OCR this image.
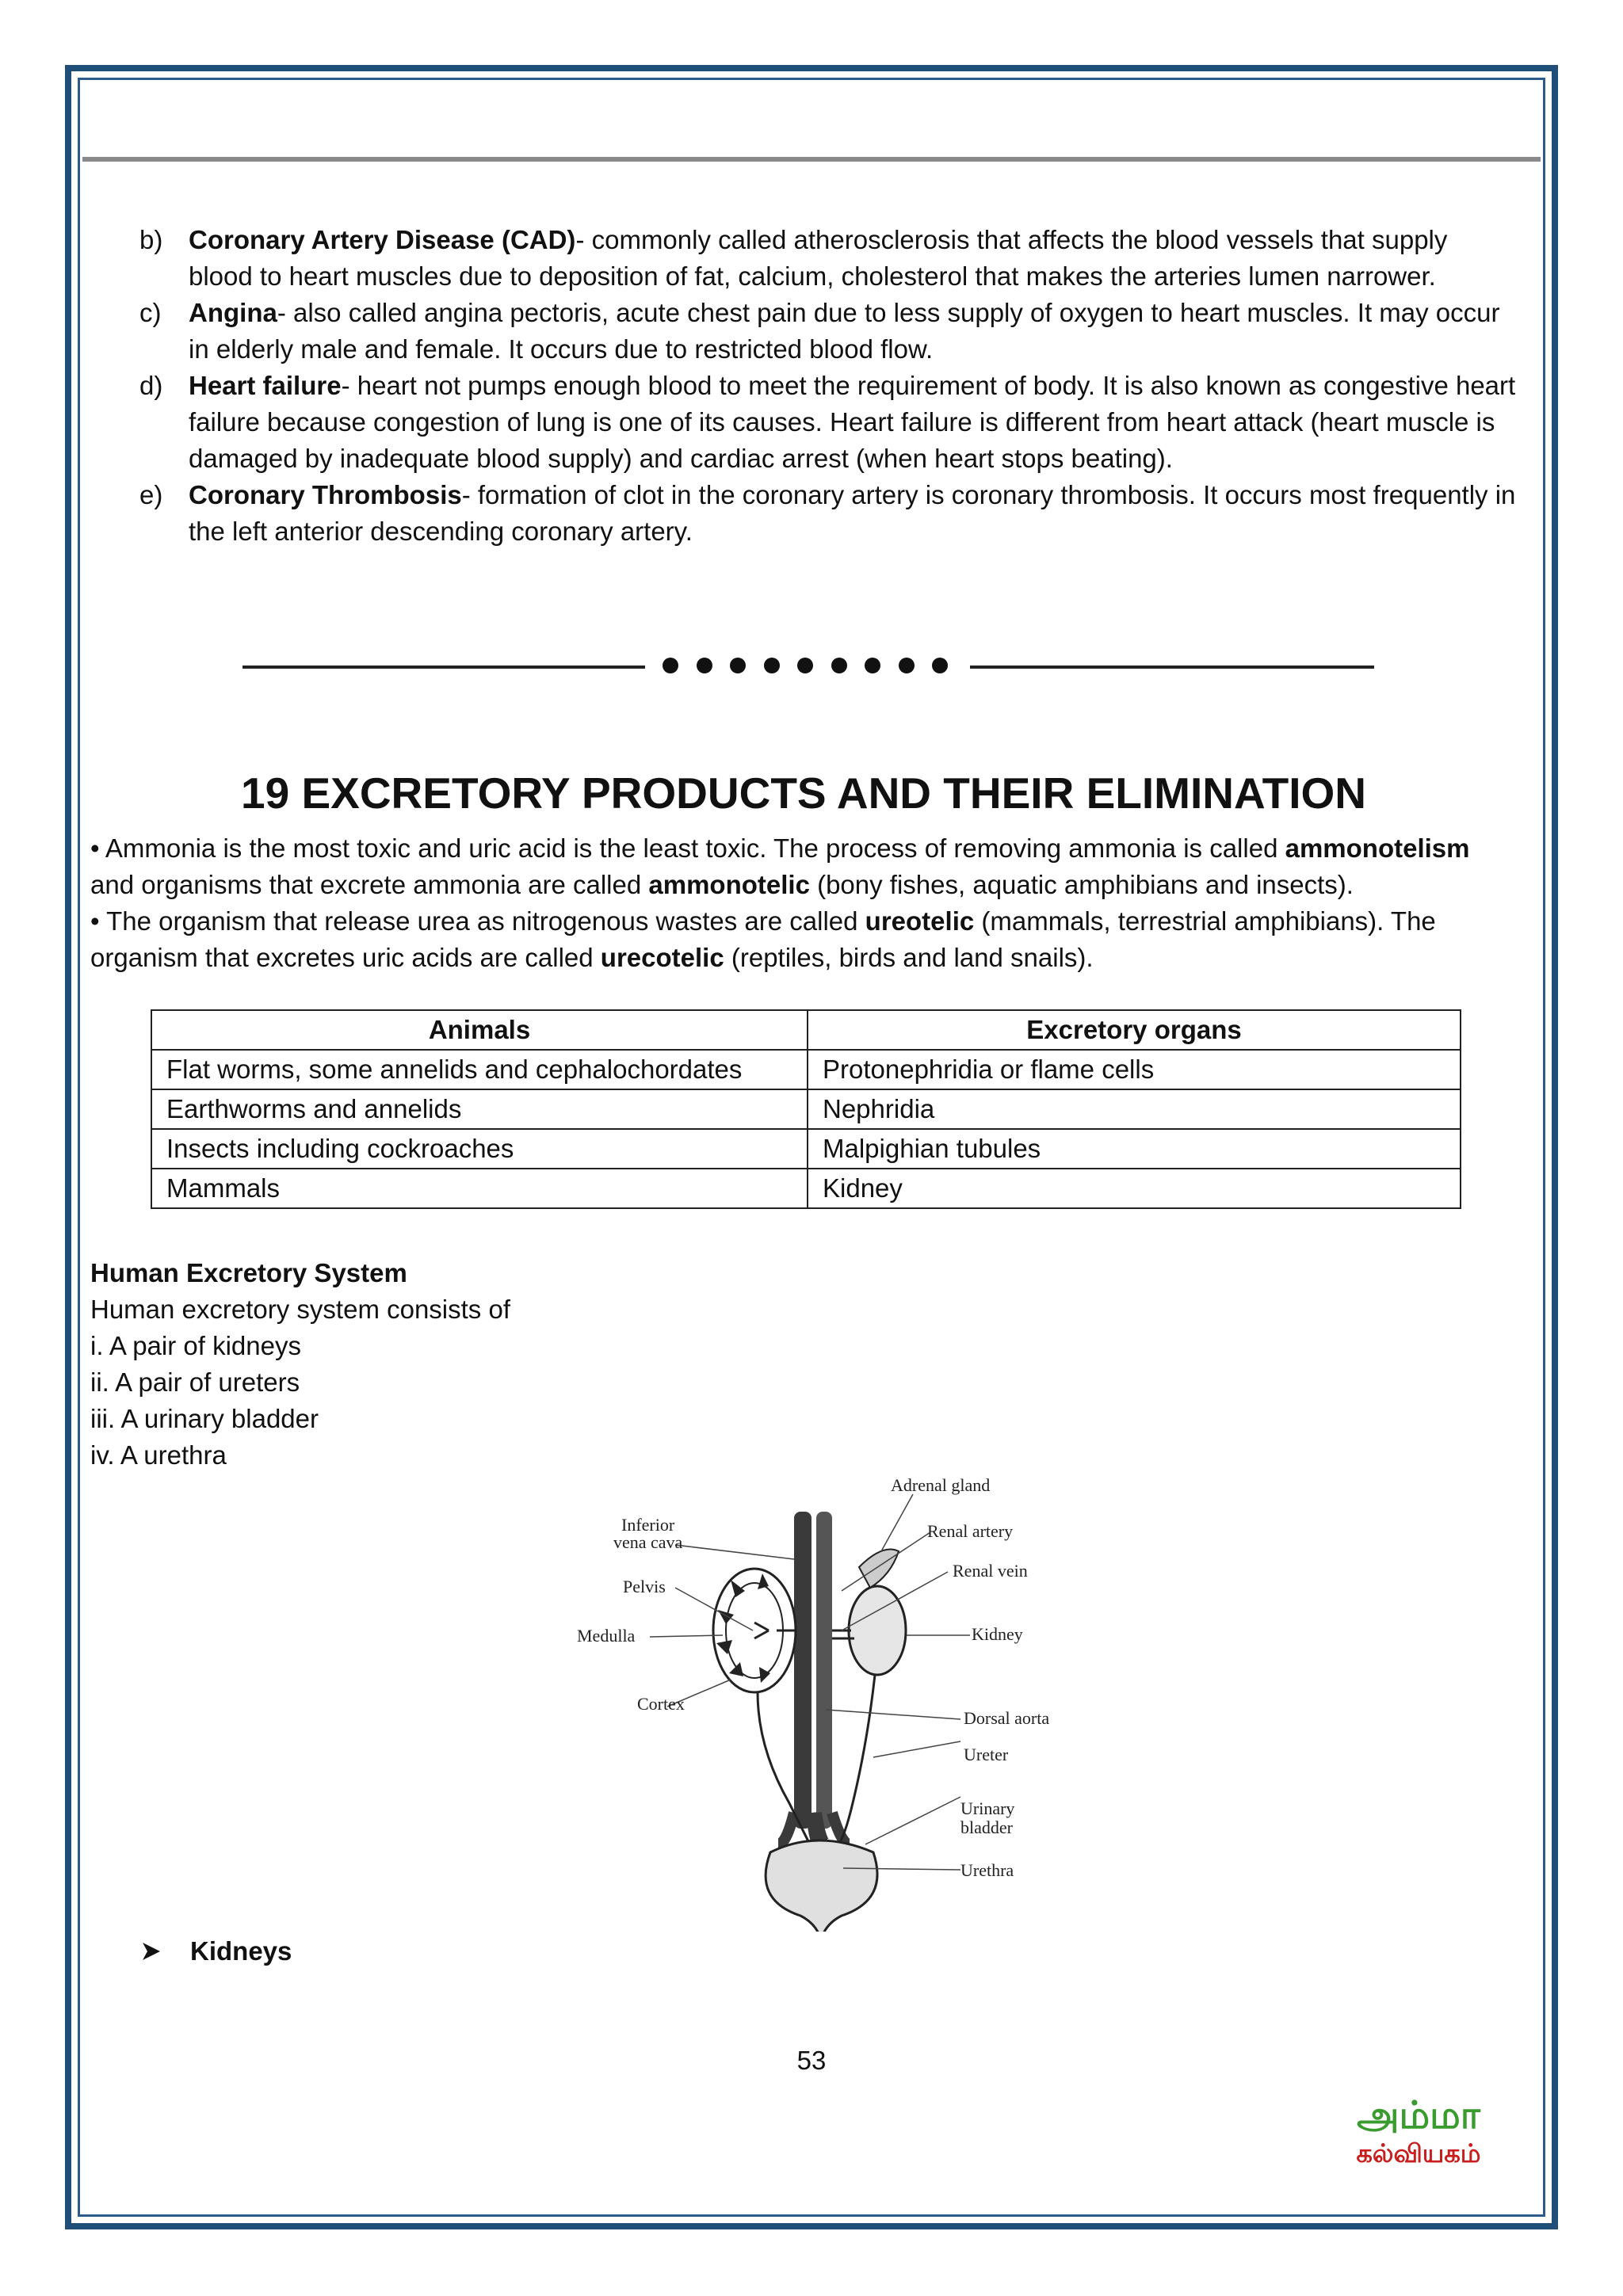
b) Coronary Artery Disease (CAD)- commonly called atherosclerosis that affects the blood vessels that supply blood to heart muscles due to deposition of fat, calcium, cholesterol that makes the arteries lumen narrower.
c) Angina- also called angina pectoris, acute chest pain due to less supply of oxygen to heart muscles. It may occur in elderly male and female. It occurs due to restricted blood flow.
d) Heart failure- heart not pumps enough blood to meet the requirement of body. It is also known as congestive heart failure because congestion of lung is one of its causes. Heart failure is different from heart attack (heart muscle is damaged by inadequate blood supply) and cardiac arrest (when heart stops beating).
e) Coronary Thrombosis- formation of clot in the coronary artery is coronary thrombosis. It occurs most frequently in the left anterior descending coronary artery.
19 EXCRETORY PRODUCTS AND THEIR ELIMINATION
• Ammonia is the most toxic and uric acid is the least toxic. The process of removing ammonia is called ammonotelism and organisms that excrete ammonia are called ammonotelic (bony fishes, aquatic amphibians and insects).
• The organism that release urea as nitrogenous wastes are called ureotelic (mammals, terrestrial amphibians). The organism that excretes uric acids are called urecotelic (reptiles, birds and land snails).
Animals	Excretory organs
Flat worms, some annelids and cephalochordates	Protonephridia or flame cells
Earthworms and annelids	Nephridia
Insects including cockroaches	Malpighian tubules
Mammals	Kidney
Human Excretory System
Human excretory system consists of
i. A pair of kidneys
ii. A pair of ureters
iii. A urinary bladder
iv. A urethra
Adrenal gland
Inferior
vena cava
Renal artery
Renal vein
Pelvis
Medulla	Kidney
Cortex
Dorsal aorta
Ureter
Urinary
bladder
Urethra
Kidneys
53
அம்மா
கல்வியகம்
